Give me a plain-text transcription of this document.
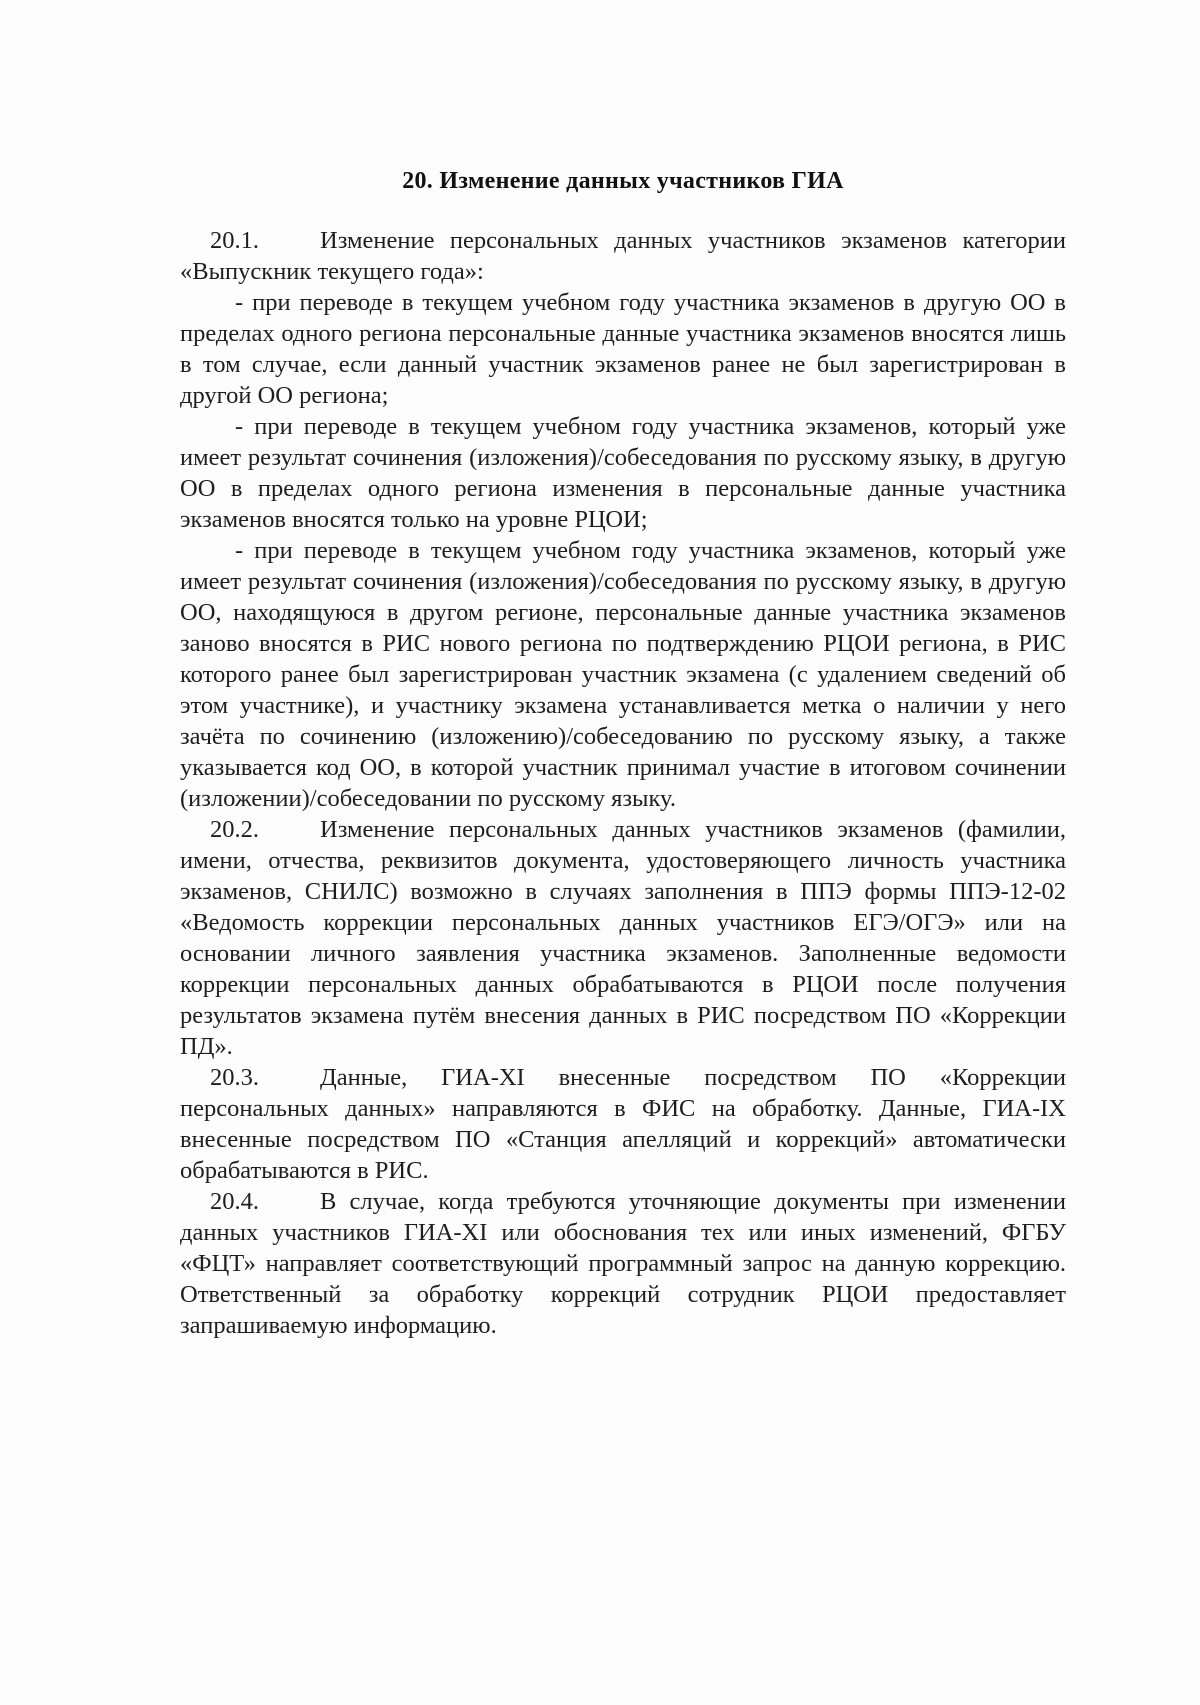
20. Изменение данных участников ГИА

20.1. Изменение персональных данных участников экзаменов категории «Выпускник текущего года»:

- при переводе в текущем учебном году участника экзаменов в другую ОО в пределах одного региона персональные данные участника экзаменов вносятся лишь в том случае, если данный участник экзаменов ранее не был зарегистрирован в другой ОО региона;

- при переводе в текущем учебном году участника экзаменов, который уже имеет результат сочинения (изложения)/собеседования по русскому языку, в другую ОО в пределах одного региона изменения в персональные данные участника экзаменов вносятся только на уровне РЦОИ;

- при переводе в текущем учебном году участника экзаменов, который уже имеет результат сочинения (изложения)/собеседования по русскому языку, в другую ОО, находящуюся в другом регионе, персональные данные участника экзаменов заново вносятся в РИС нового региона по подтверждению РЦОИ региона, в РИС которого ранее был зарегистрирован участник экзамена (с удалением сведений об этом участнике), и участнику экзамена устанавливается метка о наличии у него зачёта по сочинению (изложению)/собеседованию по русскому языку, а также указывается код ОО, в которой участник принимал участие в итоговом сочинении (изложении)/собеседовании по русскому языку.

20.2. Изменение персональных данных участников экзаменов (фамилии, имени, отчества, реквизитов документа, удостоверяющего личность участника экзаменов, СНИЛС) возможно в случаях заполнения в ППЭ формы ППЭ-12-02 «Ведомость коррекции персональных данных участников ЕГЭ/ОГЭ» или на основании личного заявления участника экзаменов. Заполненные ведомости коррекции персональных данных обрабатываются в РЦОИ после получения результатов экзамена путём внесения данных в РИС посредством ПО «Коррекции ПД».

20.3. Данные, ГИА-XI внесенные посредством ПО «Коррекции персональных данных» направляются в ФИС на обработку. Данные, ГИА-IX внесенные посредством ПО «Станция апелляций и коррекций» автоматически обрабатываются в РИС.

20.4. В случае, когда требуются уточняющие документы при изменении данных участников ГИА-XI или обоснования тех или иных изменений, ФГБУ «ФЦТ» направляет соответствующий программный запрос на данную коррекцию. Ответственный за обработку коррекций сотрудник РЦОИ предоставляет запрашиваемую информацию.
